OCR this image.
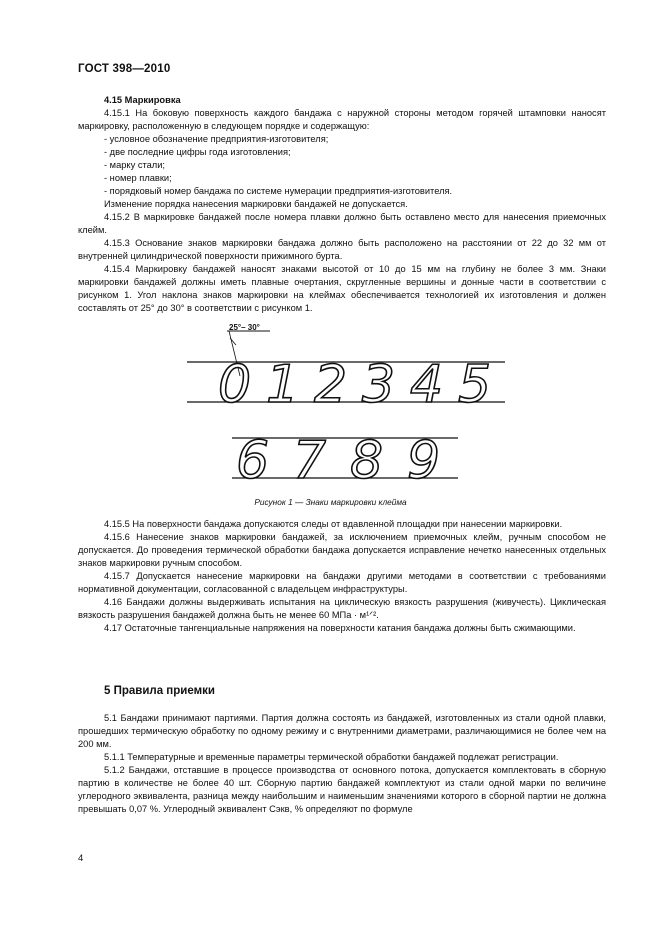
ГОСТ 398—2010

4.15 Маркировка

4.15.1 На боковую поверхность каждого бандажа с наружной стороны методом горячей штамповки наносят маркировку, расположенную в следующем порядке и содержащую:

- условное обозначение предприятия-изготовителя;

- две последние цифры года изготовления;

- марку стали;

- номер плавки;

- порядковый номер бандажа по системе нумерации предприятия-изготовителя.

Изменение порядка нанесения маркировки бандажей не допускается.

4.15.2 В маркировке бандажей после номера плавки должно быть оставлено место для нанесения приемочных клейм.

4.15.3 Основание знаков маркировки бандажа должно быть расположено на расстоянии от 22 до 32 мм от внутренней цилиндрической поверхности прижимного бурта.

4.15.4 Маркировку бандажей наносят знаками высотой от 10 до 15 мм на глубину не более 3 мм. Знаки маркировки бандажей должны иметь плавные очертания, скругленные вершины и донные части в соответствии с рисунком 1. Угол наклона знаков маркировки на клеймах обеспечивается технологией их изготовления и должен составлять от 25° до 30° в соответствии с рисунком 1.

25°– 30°
0 1 2 3 4 5
6 7 8 9
Рисунок 1 — Знаки маркировки клейма

4.15.5 На поверхности бандажа допускаются следы от вдавленной площадки при нанесении маркировки.

4.15.6 Нанесение знаков маркировки бандажей, за исключением приемочных клейм, ручным способом не допускается. До проведения термической обработки бандажа допускается исправление нечетко нанесенных отдельных знаков маркировки ручным способом.

4.15.7 Допускается нанесение маркировки на бандажи другими методами в соответствии с требованиями нормативной документации, согласованной с владельцем инфраструктуры.

4.16 Бандажи должны выдерживать испытания на циклическую вязкость разрушения (живучесть). Циклическая вязкость разрушения бандажей должна быть не менее 60 МПа · м¹ᐟ².

4.17 Остаточные тангенциальные напряжения на поверхности катания бандажа должны быть сжимающими.

5 Правила приемки

5.1 Бандажи принимают партиями. Партия должна состоять из бандажей, изготовленных из стали одной плавки, прошедших термическую обработку по одному режиму и с внутренними диаметрами, различающимися не более чем на 200 мм.

5.1.1 Температурные и временные параметры термической обработки бандажей подлежат регистрации.

5.1.2 Бандажи, отставшие в процессе производства от основного потока, допускается комплектовать в сборную партию в количестве не более 40 шт. Сборную партию бандажей комплектуют из стали одной марки по величине углеродного эквивалента, разница между наибольшим и наименьшим значениями которого в сборной партии не должна превышать 0,07 %. Углеродный эквивалент Сэкв, % определяют по формуле

4
